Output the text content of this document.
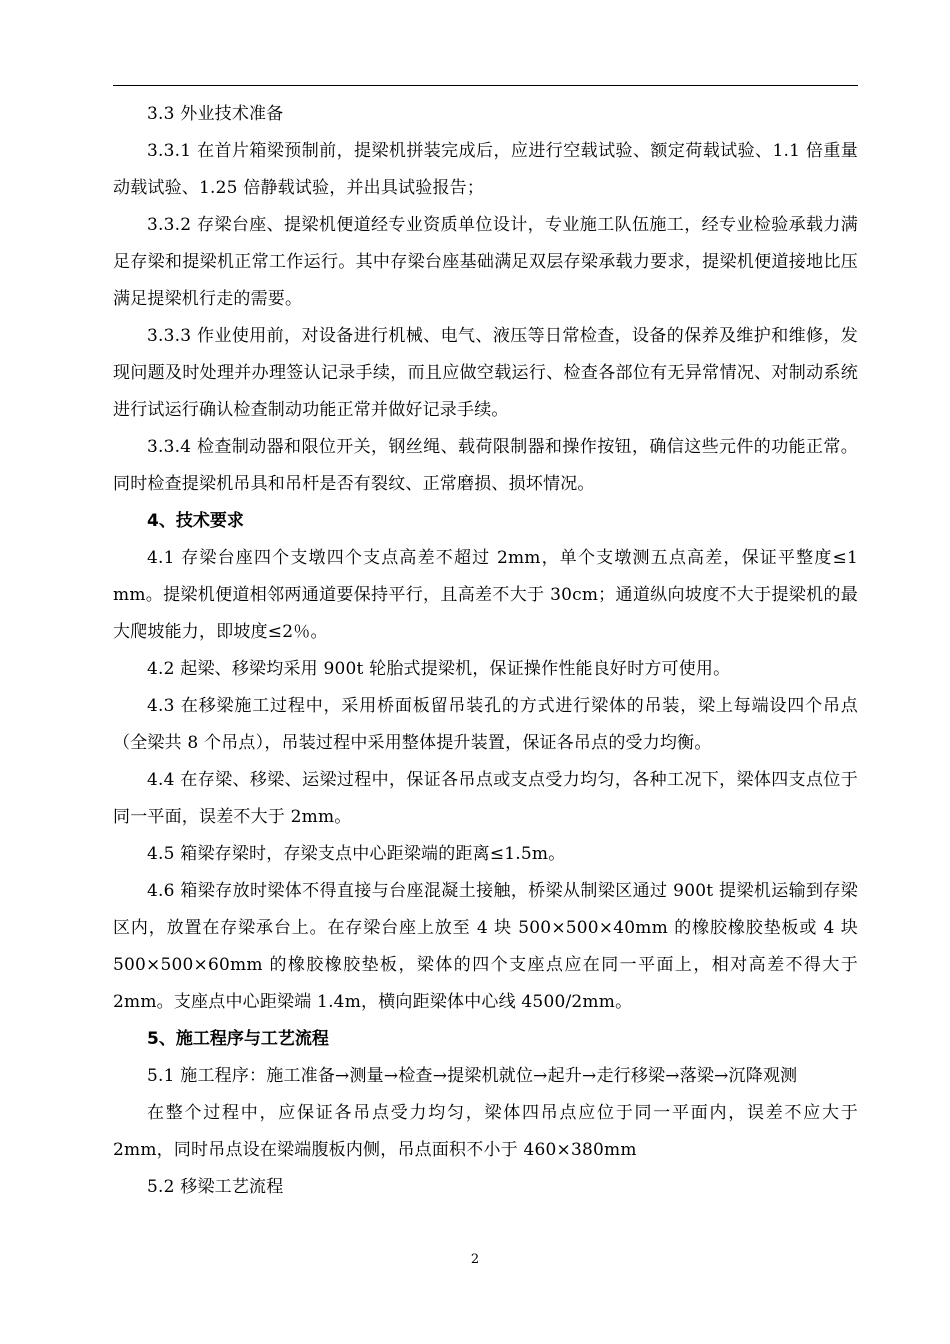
3.3 外业技术准备

3.3.1 在首片箱梁预制前，提梁机拼装完成后，应进行空载试验、额定荷载试验、1.1 倍重量动载试验、1.25 倍静载试验，并出具试验报告；

3.3.2 存梁台座、提梁机便道经专业资质单位设计，专业施工队伍施工，经专业检验承载力满足存梁和提梁机正常工作运行。其中存梁台座基础满足双层存梁承载力要求，提梁机便道接地比压满足提梁机行走的需要。

3.3.3 作业使用前，对设备进行机械、电气、液压等日常检查，设备的保养及维护和维修，发现问题及时处理并办理签认记录手续，而且应做空载运行、检查各部位有无异常情况、对制动系统进行试运行确认检查制动功能正常并做好记录手续。

3.3.4 检查制动器和限位开关，钢丝绳、载荷限制器和操作按钮，确信这些元件的功能正常。同时检查提梁机吊具和吊杆是否有裂纹、正常磨损、损坏情况。

4、技术要求

4.1 存梁台座四个支墩四个支点高差不超过 2mm，单个支墩测五点高差，保证平整度≤1 mm。提梁机便道相邻两通道要保持平行，且高差不大于 30cm；通道纵向坡度不大于提梁机的最大爬坡能力，即坡度≤2％。

4.2 起梁、移梁均采用 900t 轮胎式提梁机，保证操作性能良好时方可使用。

4.3 在移梁施工过程中，采用桥面板留吊装孔的方式进行梁体的吊装，梁上每端设四个吊点（全梁共 8 个吊点），吊装过程中采用整体提升装置，保证各吊点的受力均衡。

4.4 在存梁、移梁、运梁过程中，保证各吊点或支点受力均匀，各种工况下，梁体四支点位于同一平面，误差不大于 2mm。

4.5 箱梁存梁时，存梁支点中心距梁端的距离≤1.5m。

4.6 箱梁存放时梁体不得直接与台座混凝土接触，桥梁从制梁区通过 900t 提梁机运输到存梁区内，放置在存梁承台上。在存梁台座上放至 4 块 500×500×40mm 的橡胶橡胶垫板或 4 块 500×500×60mm 的橡胶橡胶垫板，梁体的四个支座点应在同一平面上，相对高差不得大于 2mm。支座点中心距梁端 1.4m，横向距梁体中心线 4500/2mm。

5、施工程序与工艺流程

5.1 施工程序：施工准备→测量→检查→提梁机就位→起升→走行移梁→落梁→沉降观测

在整个过程中，应保证各吊点受力均匀，梁体四吊点应位于同一平面内，误差不应大于 2mm，同时吊点设在梁端腹板内侧，吊点面积不小于 460×380mm

5.2 移梁工艺流程

2
